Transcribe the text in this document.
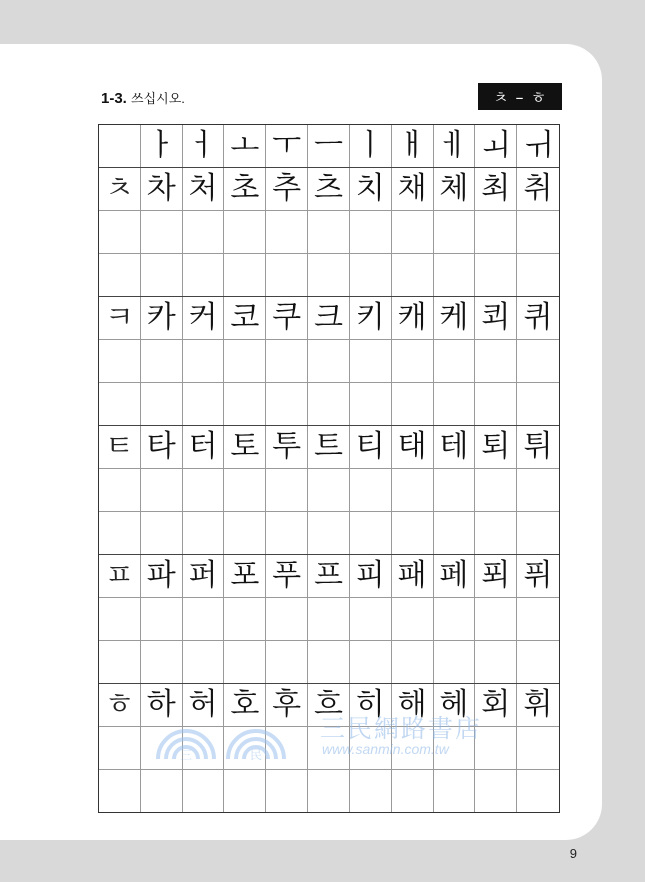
1-3. 쓰십시오.	ㅊ – ㅎ
ㅏ ㅓ ㅗ ㅜ ㅡ ㅣ ㅐ ㅔ ㅚ ㅟ
ㅊ 차 처 초 추 츠 치 채 체 최 취
ㅋ 카 커 코 쿠 크 키 캐 케 쾨 퀴
ㅌ 타 터 토 투 트 티 태 테 퇴 튀
ㅍ 파 퍼 포 푸 프 피 패 페 푀 퓌
ㅎ 하 허 호 후 흐 히 해 헤 회 휘
三	民
三民網路書店
www.sanmin.com.tw
9
